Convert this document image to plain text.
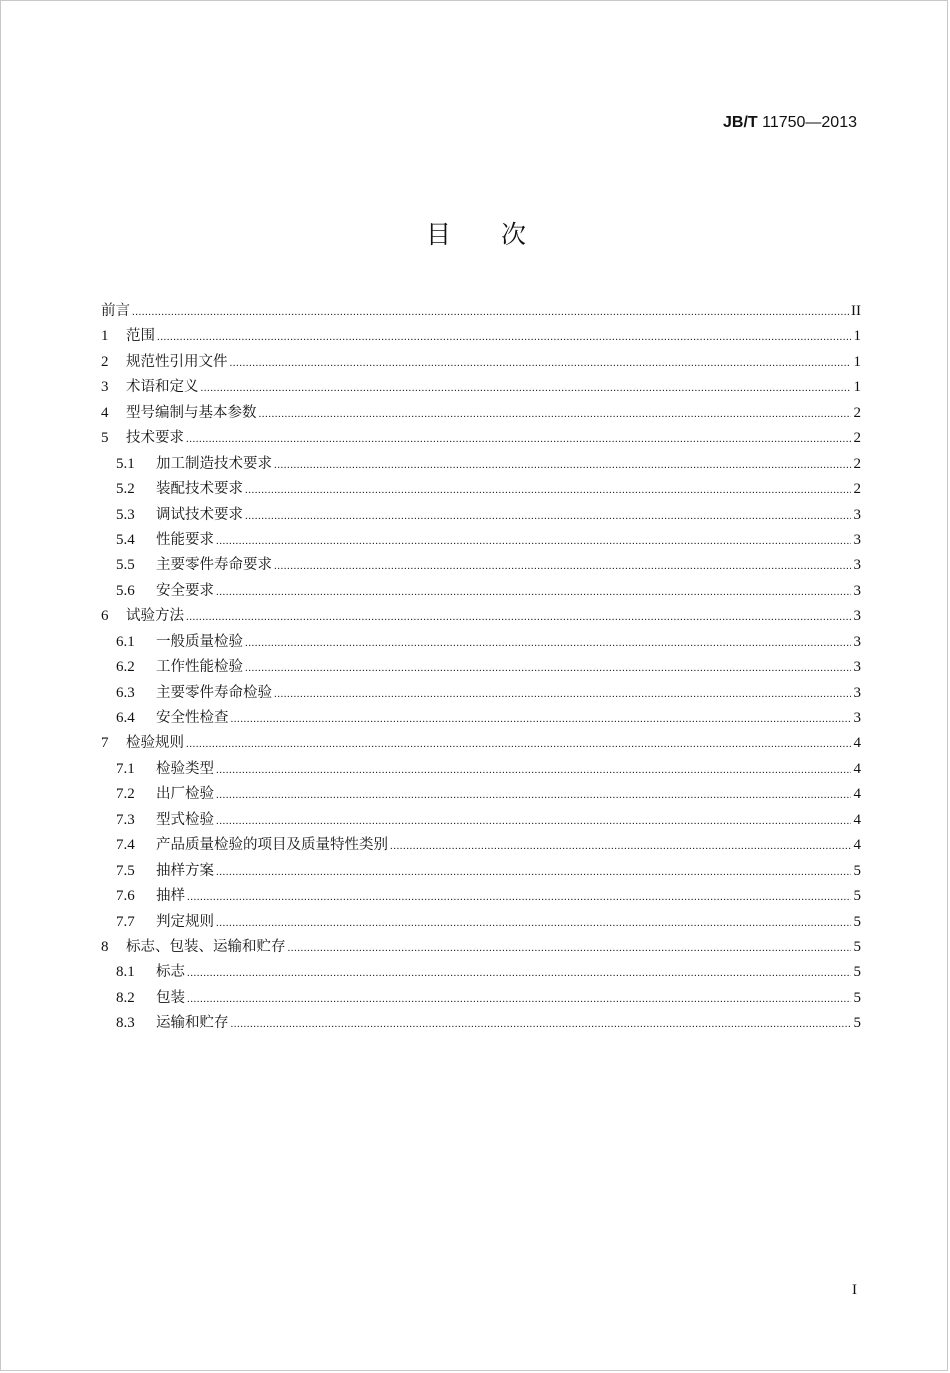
JB/T 11750—2013
目次
前言 .....	II
1	范围 .....	1
2	规范性引用文件 .....	1
3	术语和定义 .....	1
4	型号编制与基本参数 .....	2
5	技术要求 .....	2
5.1	加工制造技术要求 .....	2
5.2	装配技术要求 .....	2
5.3	调试技术要求 .....	3
5.4	性能要求 .....	3
5.5	主要零件寿命要求 .....	3
5.6	安全要求 .....	3
6	试验方法 .....	3
6.1	一般质量检验 .....	3
6.2	工作性能检验 .....	3
6.3	主要零件寿命检验 .....	3
6.4	安全性检查 .....	3
7	检验规则 .....	4
7.1	检验类型 .....	4
7.2	出厂检验 .....	4
7.3	型式检验 .....	4
7.4	产品质量检验的项目及质量特性类别 .....	4
7.5	抽样方案 .....	5
7.6	抽样 .....	5
7.7	判定规则 .....	5
8	标志、包装、运输和贮存 .....	5
8.1	标志 .....	5
8.2	包装 .....	5
8.3	运输和贮存 .....	5
I
